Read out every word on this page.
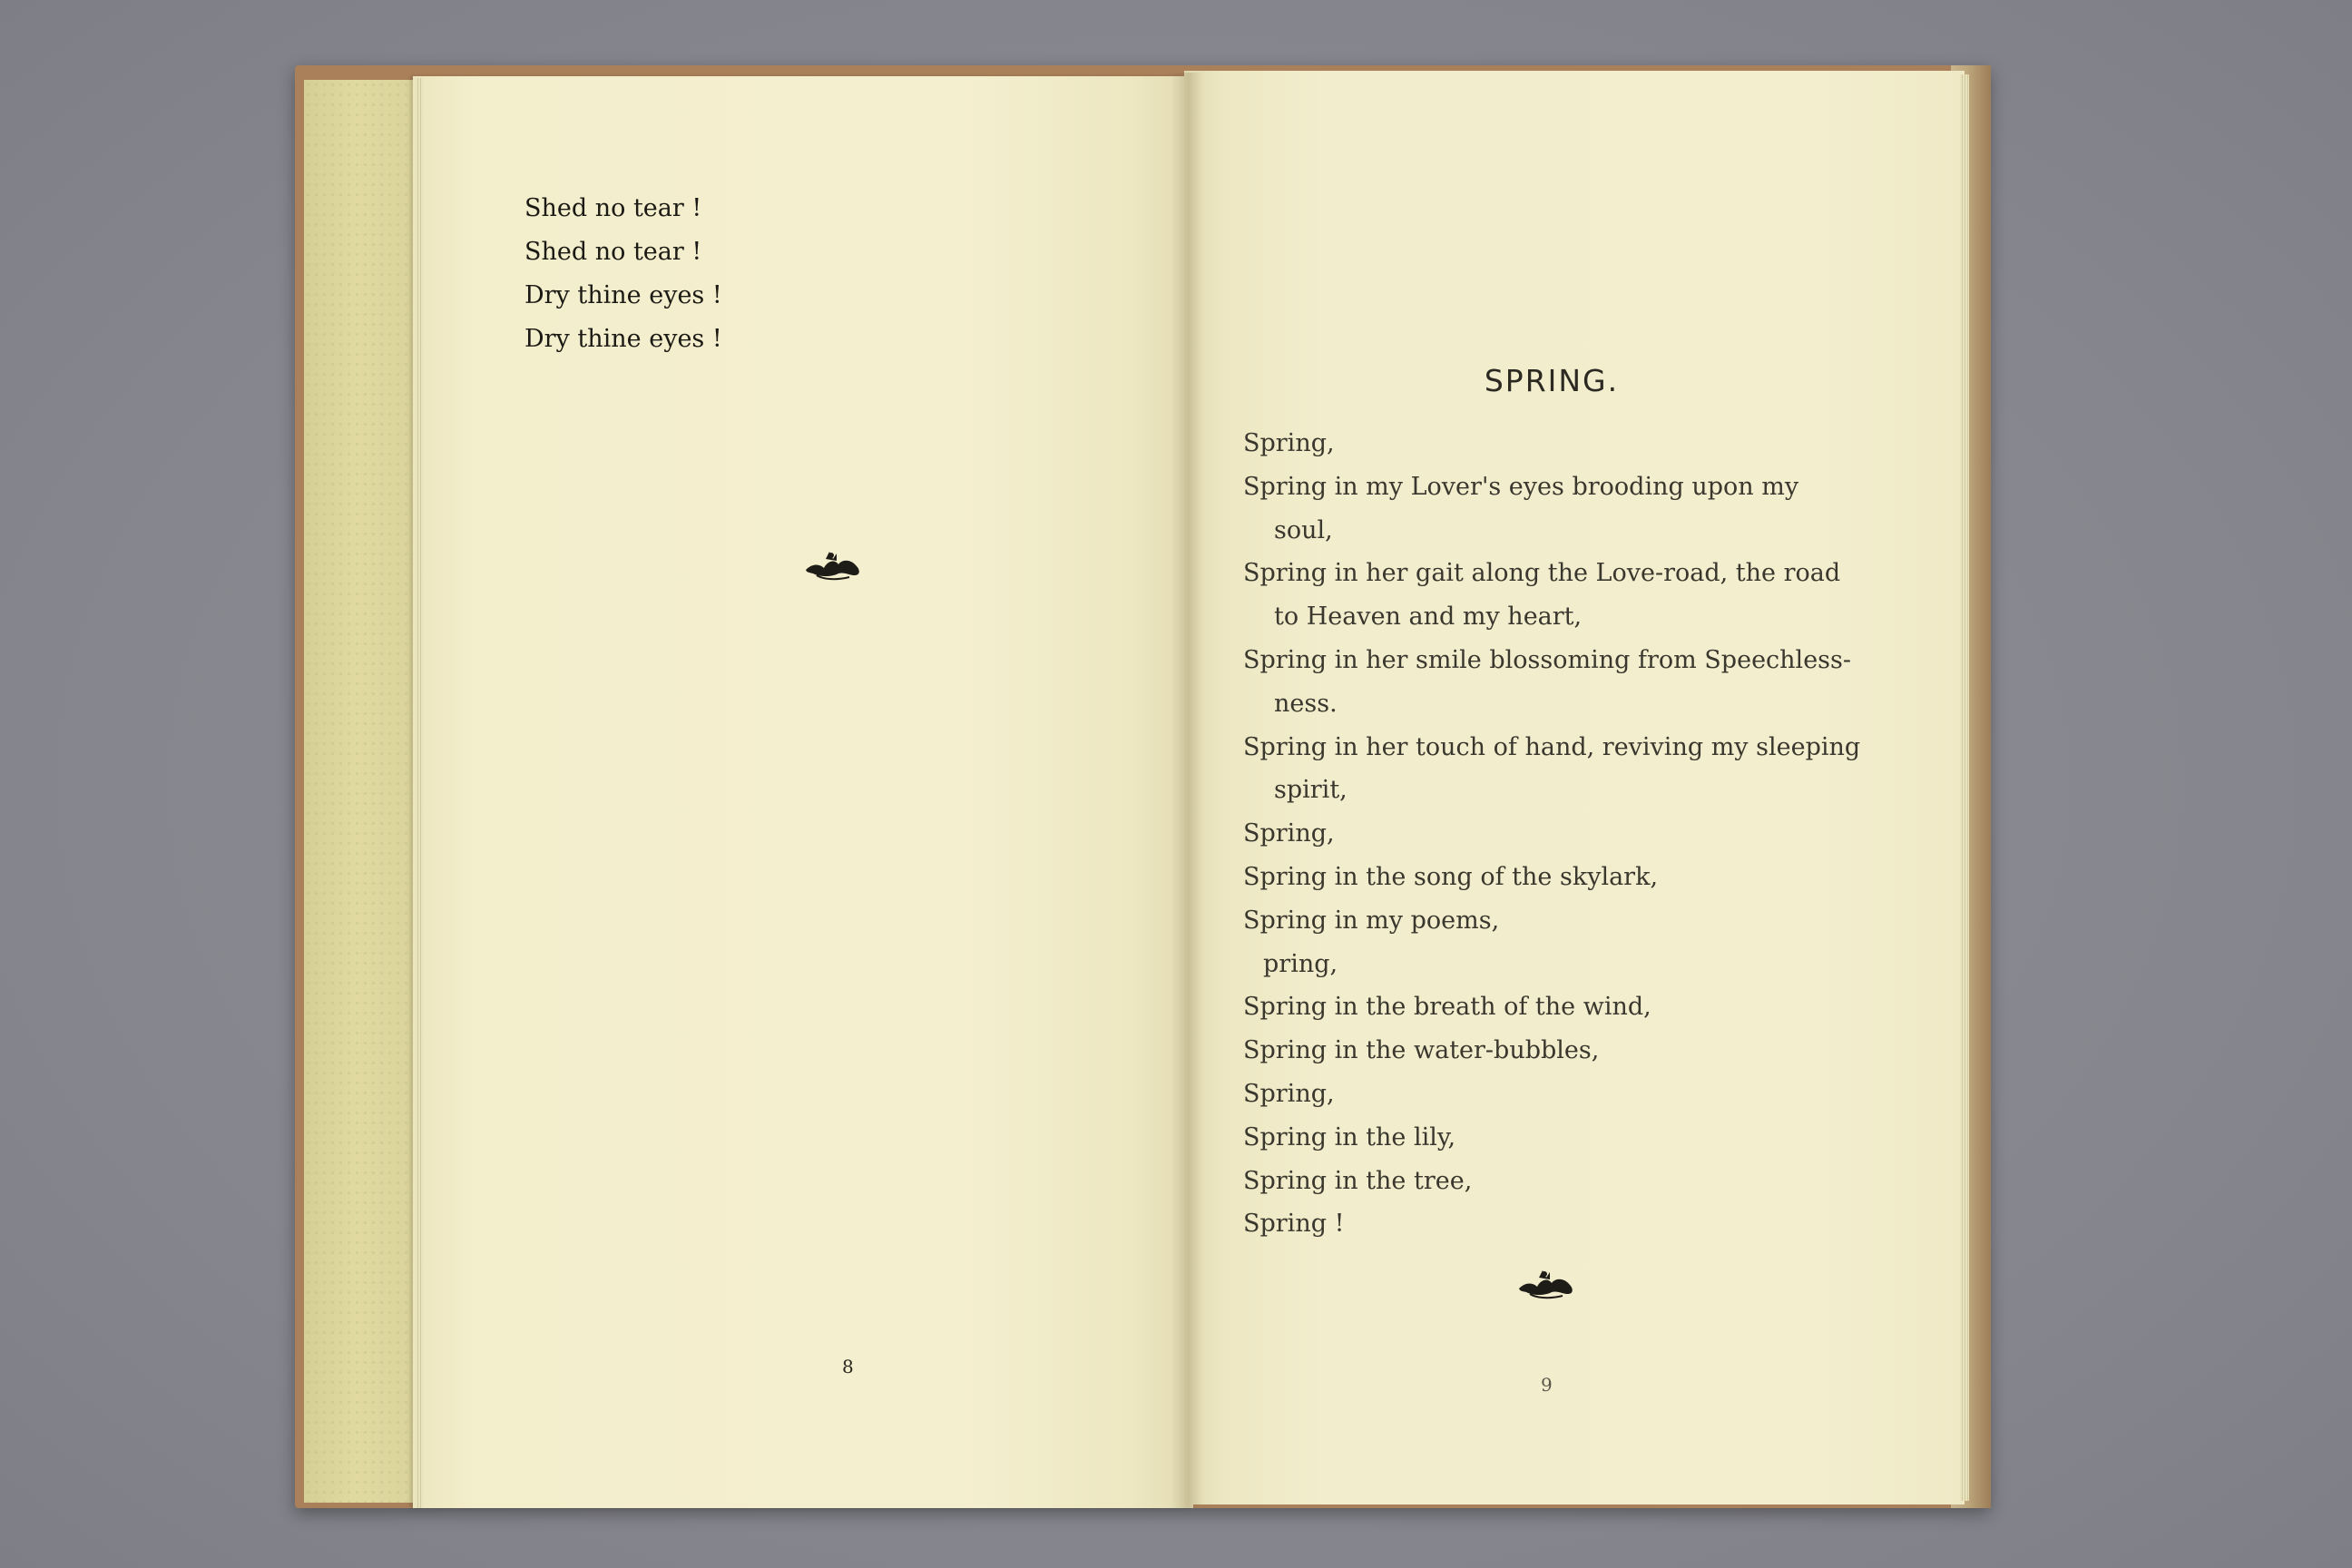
Shed no tear !
Shed no tear !
Dry thine eyes !
Dry thine eyes !
8
SPRING.
Spring,
Spring in my Lover's eyes brooding upon my
soul,
Spring in her gait along the Love-road, the road
to Heaven and my heart,
Spring in her smile blossoming from Speechless-
ness.
Spring in her touch of hand, reviving my sleeping
spirit,
Spring,
Spring in the song of the skylark,
Spring in my poems,
pring,
Spring in the breath of the wind,
Spring in the water-bubbles,
Spring,
Spring in the lily,
Spring in the tree,
Spring !
9
